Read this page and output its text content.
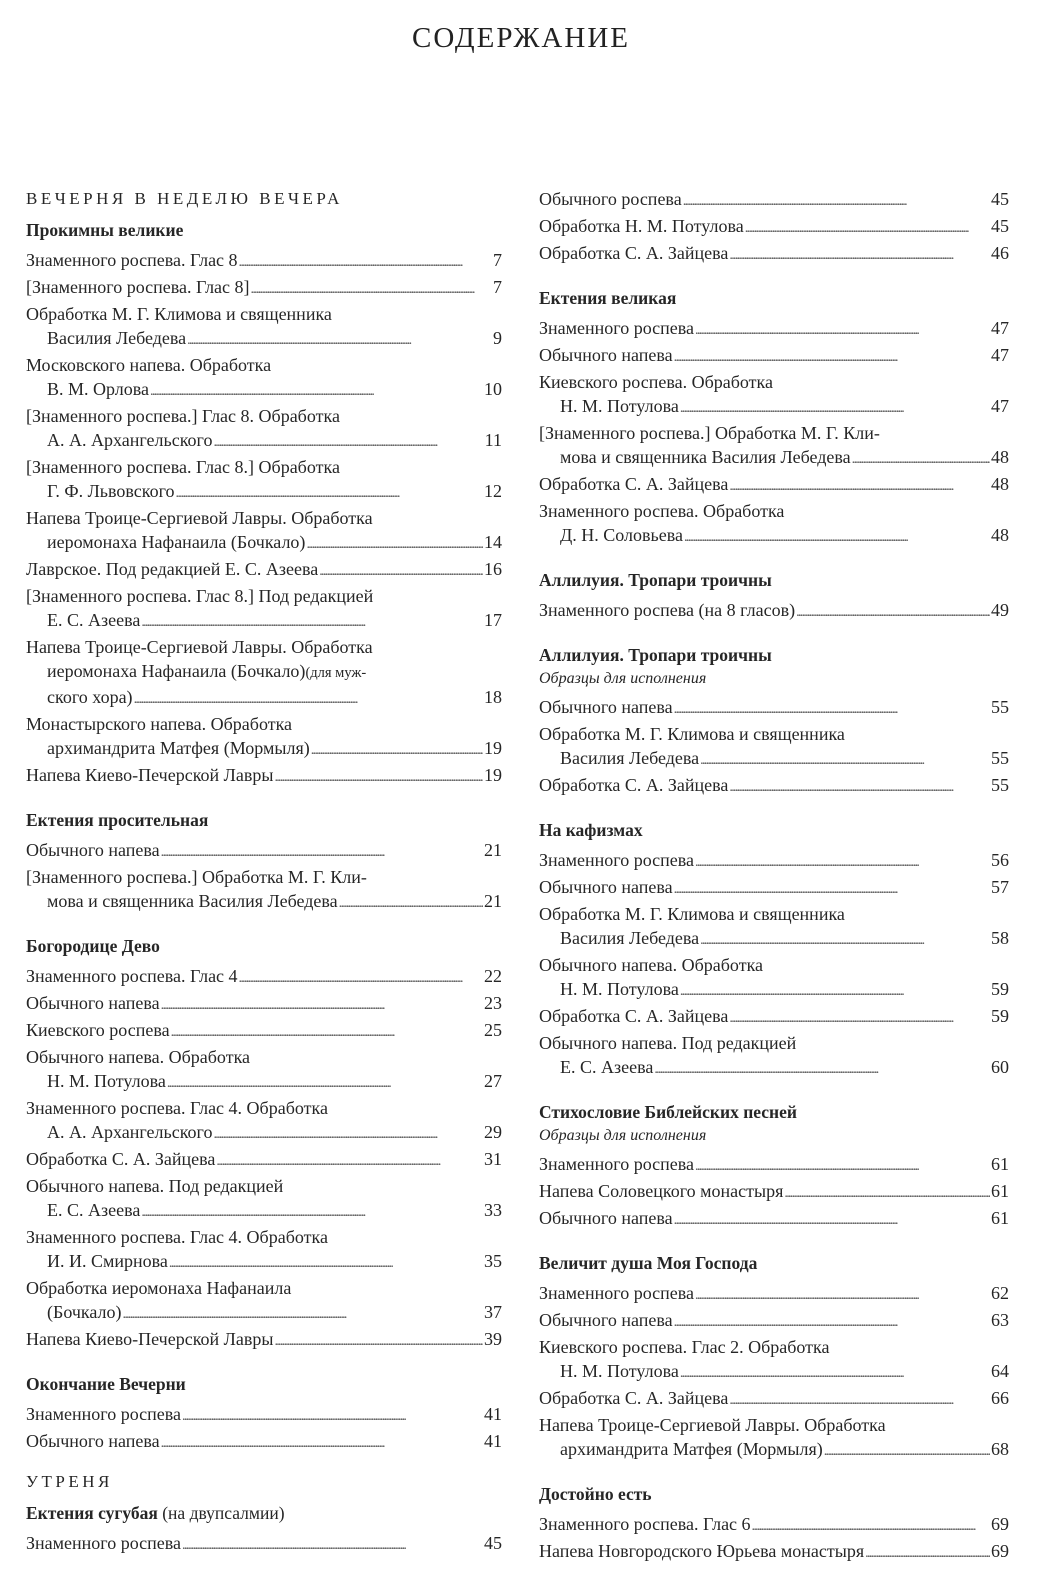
СОДЕРЖАНИЕ
ВЕЧЕРНЯ В НЕДЕЛЮ ВЕЧЕРА
Прокимны великие
Знаменного роспева. Глас 8 . . .	7
[Знаменного роспева. Глас 8] . . .	7
Обработка М. Г. Климова и священника
Василия Лебедева . . .	9
Московского напева. Обработка
В. М. Орлова . . .	10
[Знаменного роспева.] Глас 8. Обработка
А. А. Архангельского . . .	11
[Знаменного роспева. Глас 8.] Обработка
Г. Ф. Львовского . . .	12
Напева Троице-Сергиевой Лавры. Обработка
иеромонаха Нафанаила (Бочкало) . . .	14
Лаврское. Под редакцией Е. С. Азеева . . .	16
[Знаменного роспева. Глас 8.] Под редакцией
Е. С. Азеева . . .	17
Напева Троице-Сергиевой Лавры. Обработка
иеромонаха Нафанаила (Бочкало) (для муж-
ского хора) . . .	18
Монастырского напева. Обработка
архимандрита Матфея (Мормыля) . . .	19
Напева Киево-Печерской Лавры . . .	19
Ектения просительная
Обычного напева . . .	21
[Знаменного роспева.] Обработка М. Г. Кли-
мова и священника Василия Лебедева . . .	21
Богородице Дево
Знаменного роспева. Глас 4 . . .	22
Обычного напева . . .	23
Киевского роспева . . .	25
Обычного напева. Обработка
Н. М. Потулова . . .	27
Знаменного роспева. Глас 4. Обработка
А. А. Архангельского . . .	29
Обработка С. А. Зайцева . . .	31
Обычного напева. Под редакцией
Е. С. Азеева . . .	33
Знаменного роспева. Глас 4. Обработка
И. И. Смирнова . . .	35
Обработка иеромонаха Нафанаила
(Бочкало) . . .	37
Напева Киево-Печерской Лавры . . .	39
Окончание Вечерни
Знаменного роспева . . .	41
Обычного напева . . .	41
УТРЕНЯ
Ектения сугубая (на двупсалмии)
Знаменного роспева . . .	45
Обычного роспева . . .	45
Обработка Н. М. Потулова . . .	45
Обработка С. А. Зайцева . . .	46
Ектения великая
Знаменного роспева . . .	47
Обычного напева . . .	47
Киевского роспева. Обработка
Н. М. Потулова . . .	47
[Знаменного роспева.] Обработка М. Г. Кли-
мова и священника Василия Лебедева . . .	48
Обработка С. А. Зайцева . . .	48
Знаменного роспева. Обработка
Д. Н. Соловьева . . .	48
Аллилуия. Тропари троичны
Знаменного роспева (на 8 гласов) . . .	49
Аллилуия. Тропари троичны
Образцы для исполнения
Обычного напева . . .	55
Обработка М. Г. Климова и священника
Василия Лебедева . . .	55
Обработка С. А. Зайцева . . .	55
На кафизмах
Знаменного роспева . . .	56
Обычного напева . . .	57
Обработка М. Г. Климова и священника
Василия Лебедева . . .	58
Обычного напева. Обработка
Н. М. Потулова . . .	59
Обработка С. А. Зайцева . . .	59
Обычного напева. Под редакцией
Е. С. Азеева . . .	60
Стихословие Библейских песней
Образцы для исполнения
Знаменного роспева . . .	61
Напева Соловецкого монастыря . . .	61
Обычного напева . . .	61
Величит душа Моя Господа
Знаменного роспева . . .	62
Обычного напева . . .	63
Киевского роспева. Глас 2. Обработка
Н. М. Потулова . . .	64
Обработка С. А. Зайцева . . .	66
Напева Троице-Сергиевой Лавры. Обработка
архимандрита Матфея (Мормыля) . . .	68
Достойно есть
Знаменного роспева. Глас 6 . . .	69
Напева Новгородского Юрьева монастыря . . .	69
